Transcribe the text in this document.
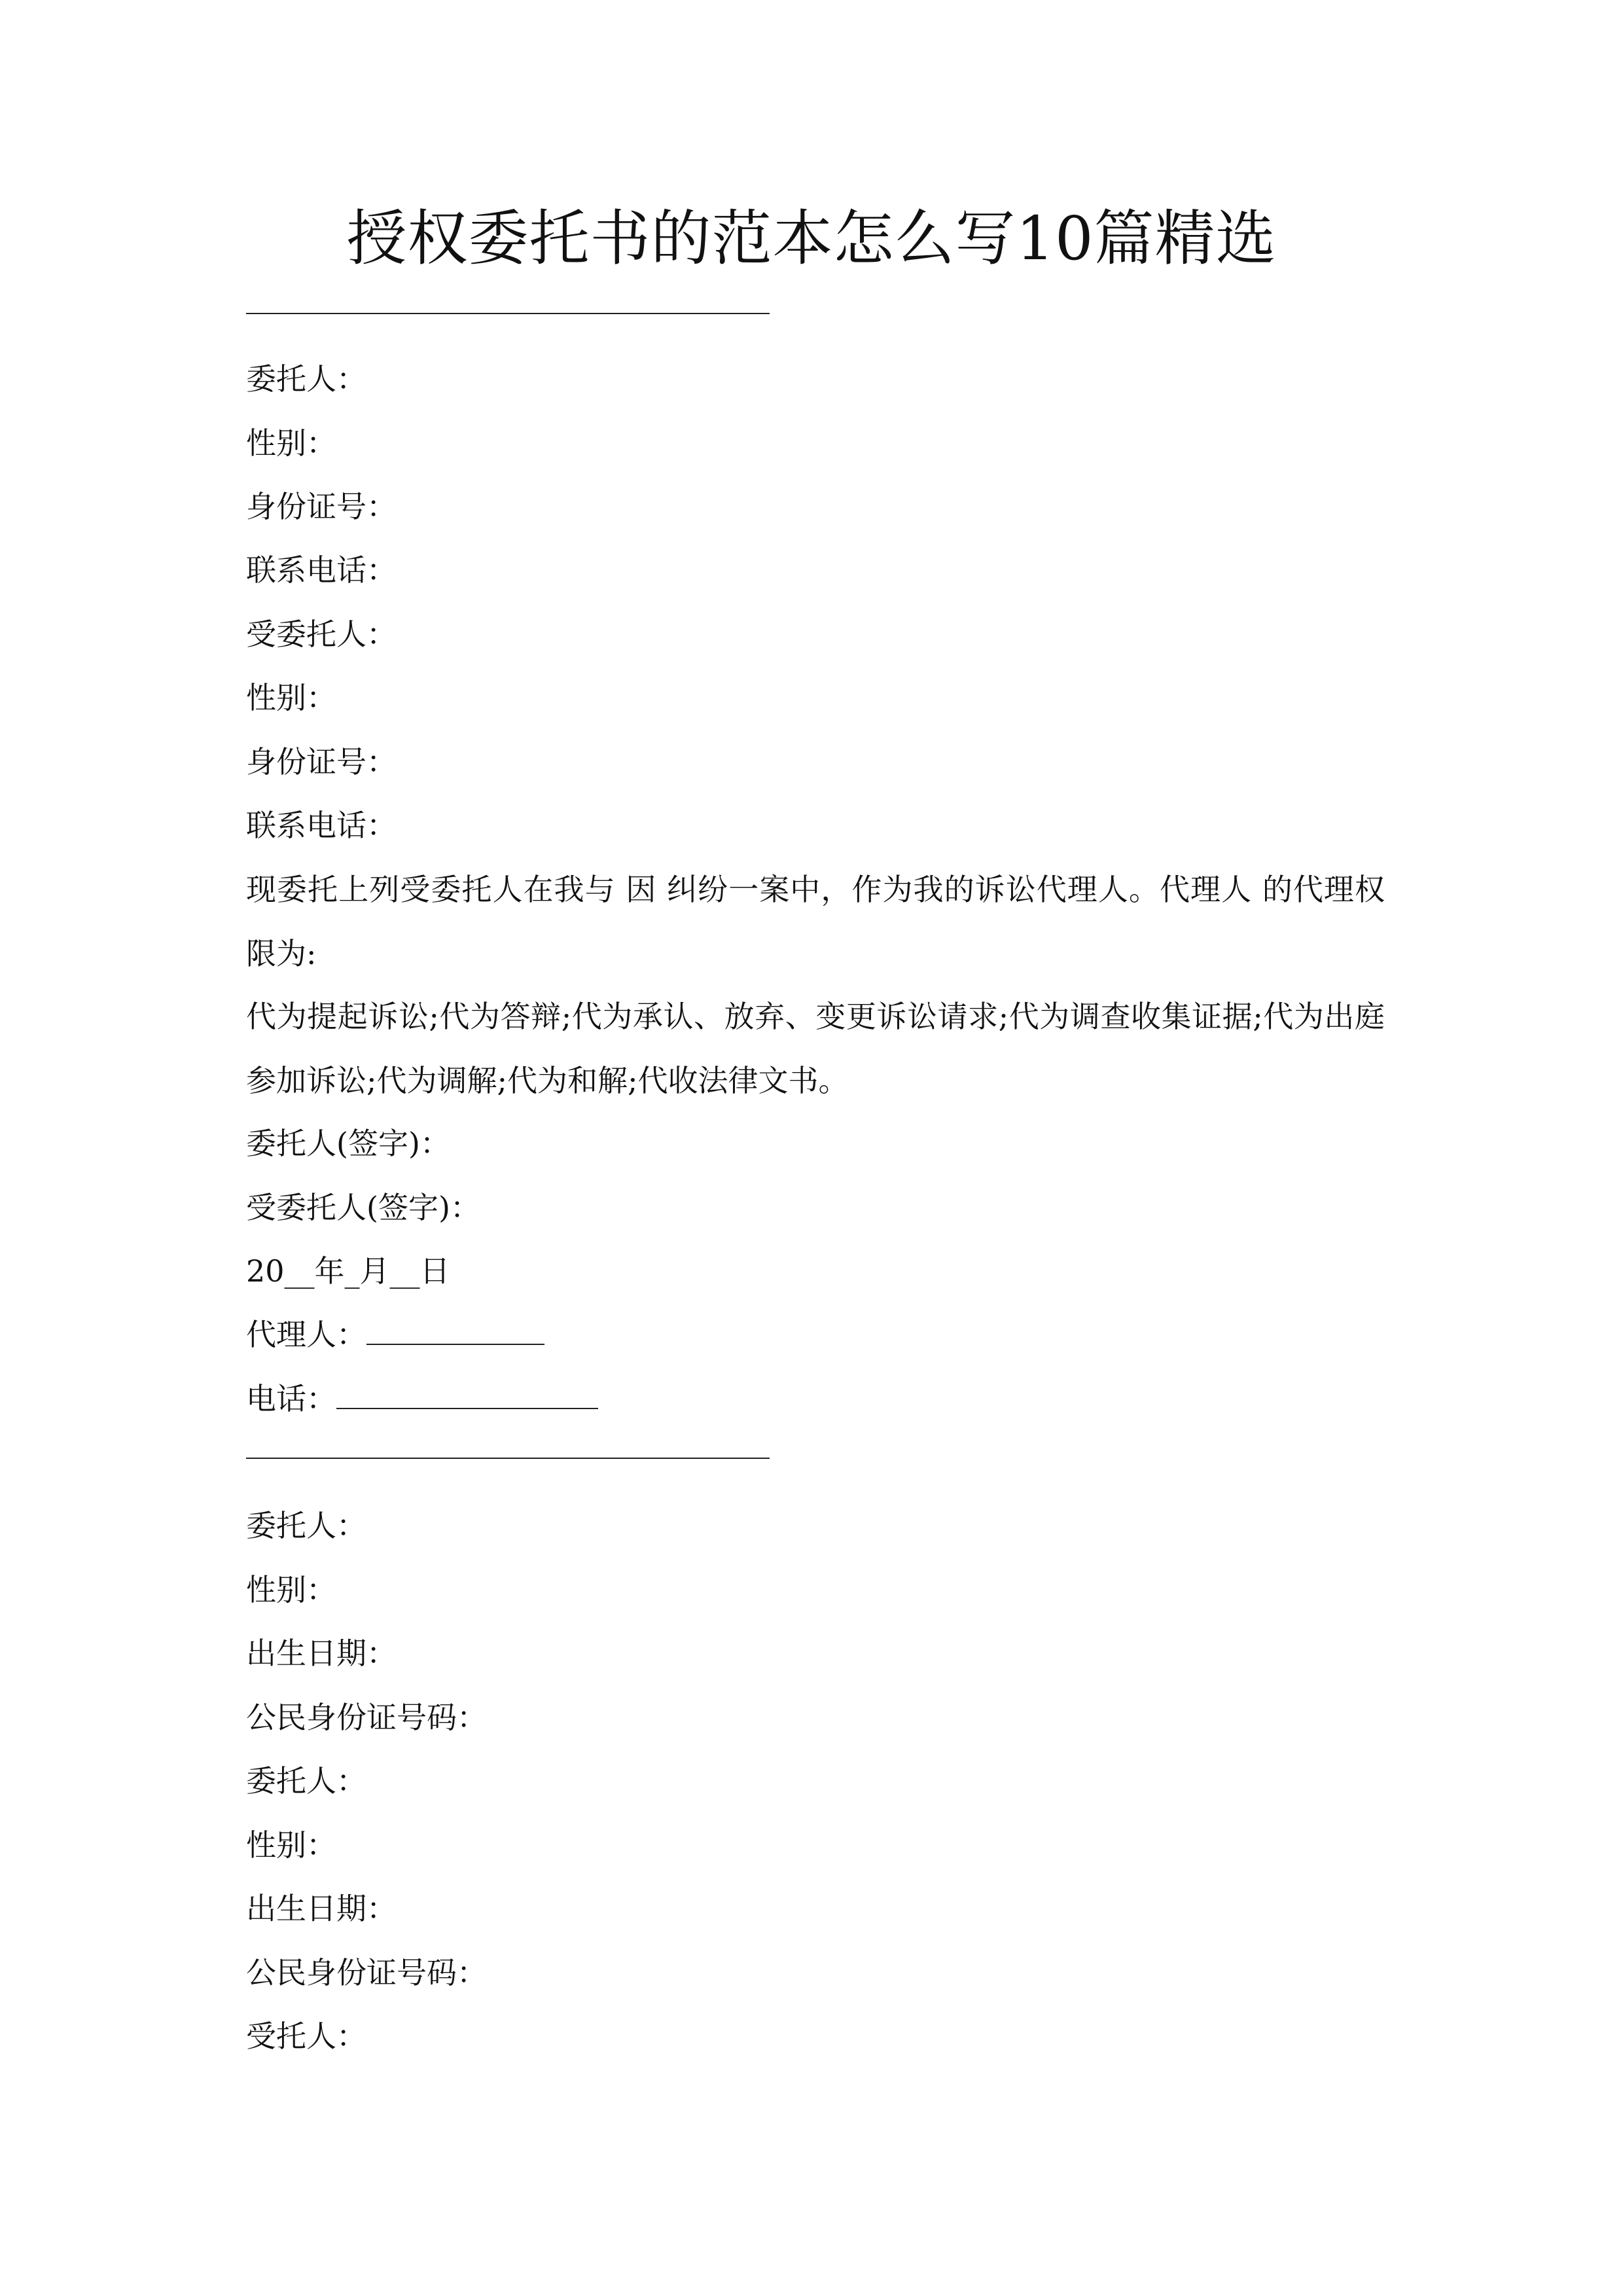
授权委托书的范本怎么写10篇精选
委托人：
性别：
身份证号：
联系电话：
受委托人：
性别：
身份证号：
联系电话：
现委托上列受委托人在我与 因 纠纷一案中，作为我的诉讼代理人。代理人 的代理权限为:
代为提起诉讼;代为答辩;代为承认、放弃、变更诉讼请求;代为调查收集证据;代为出庭参加诉讼;代为调解;代为和解;代收法律文书。
委托人(签字)：
受委托人(签字)：
20__年_月__日
代理人：
电话：
委托人：
性别：
出生日期：
公民身份证号码：
委托人：
性别：
出生日期：
公民身份证号码：
受托人：
